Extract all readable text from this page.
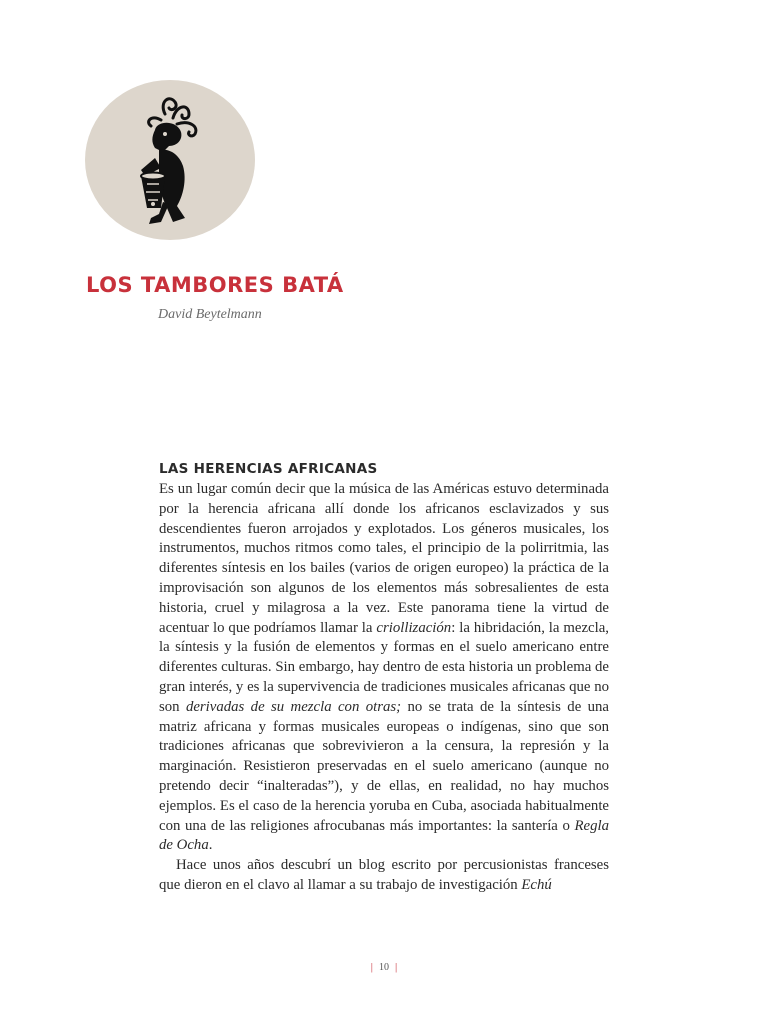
LOS TAMBORES BATÁ

David Beytelmann

LAS HERENCIAS AFRICANAS

Es un lugar común decir que la música de las Américas estuvo determinada por la herencia africana allí donde los africanos esclavizados y sus descendientes fueron arrojados y explotados. Los géneros musicales, los instrumentos, muchos ritmos como tales, el principio de la polirritmia, las diferentes síntesis en los bailes (varios de origen europeo) la práctica de la improvisación son algunos de los elementos más sobresalientes de esta historia, cruel y milagrosa a la vez. Este panorama tiene la virtud de acentuar lo que podríamos llamar la criollización: la hibridación, la mezcla, la síntesis y la fusión de elementos y formas en el suelo americano entre diferentes culturas. Sin embargo, hay dentro de esta historia un problema de gran interés, y es la supervivencia de tradiciones musicales africanas que no son derivadas de su mezcla con otras; no se trata de la síntesis de una matriz africana y formas musicales europeas o indígenas, sino que son tradiciones africanas que sobrevivieron a la censura, la represión y la marginación. Resistieron preservadas en el suelo americano (aunque no pretendo decir “inalteradas”), y de ellas, en realidad, no hay muchos ejemplos. Es el caso de la herencia yoruba en Cuba, asociada habitualmente con una de las religiones afrocubanas más importantes: la santería o Regla de Ocha.

Hace unos años descubrí un blog escrito por percusionistas franceses que dieron en el clavo al llamar a su trabajo de investigación Echú

| 10 |
